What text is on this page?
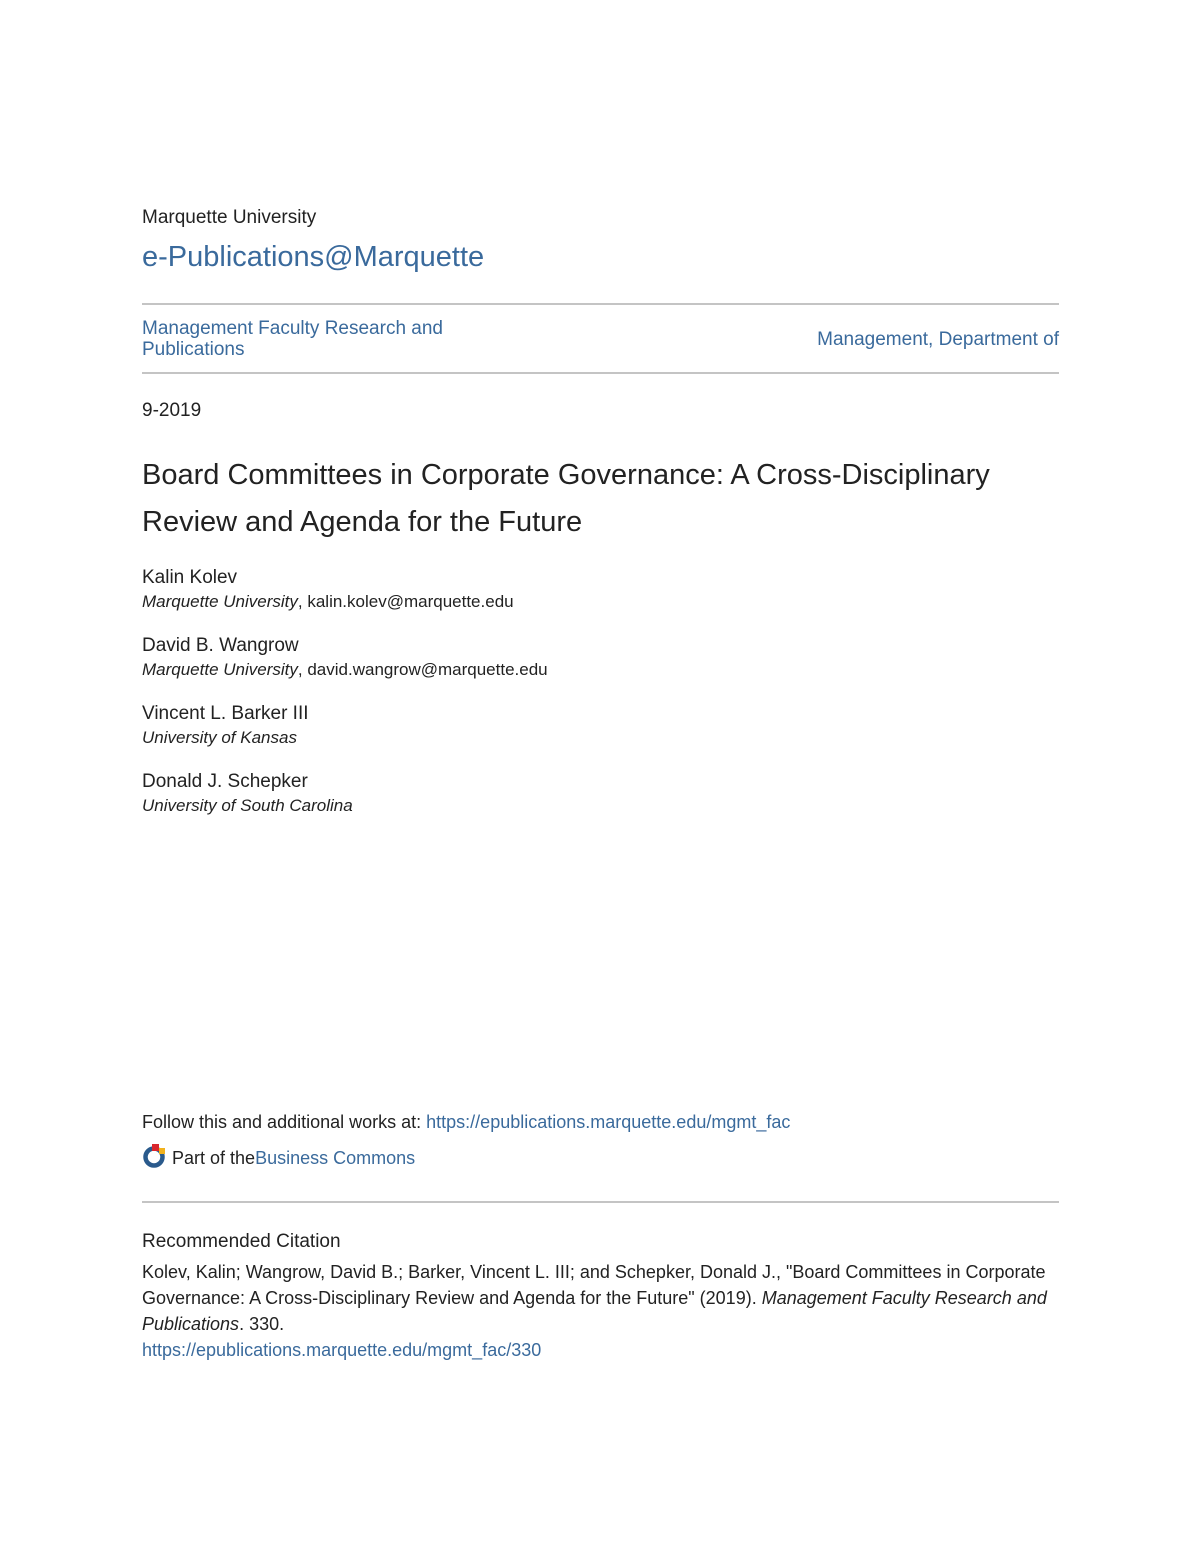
Marquette University
e-Publications@Marquette
Management Faculty Research and Publications	Management, Department of
9-2019
Board Committees in Corporate Governance: A Cross-Disciplinary Review and Agenda for the Future
Kalin Kolev
Marquette University, kalin.kolev@marquette.edu
David B. Wangrow
Marquette University, david.wangrow@marquette.edu
Vincent L. Barker III
University of Kansas
Donald J. Schepker
University of South Carolina
Follow this and additional works at: https://epublications.marquette.edu/mgmt_fac
Part of the Business Commons
Recommended Citation
Kolev, Kalin; Wangrow, David B.; Barker, Vincent L. III; and Schepker, Donald J., "Board Committees in Corporate Governance: A Cross-Disciplinary Review and Agenda for the Future" (2019). Management Faculty Research and Publications. 330.
https://epublications.marquette.edu/mgmt_fac/330
